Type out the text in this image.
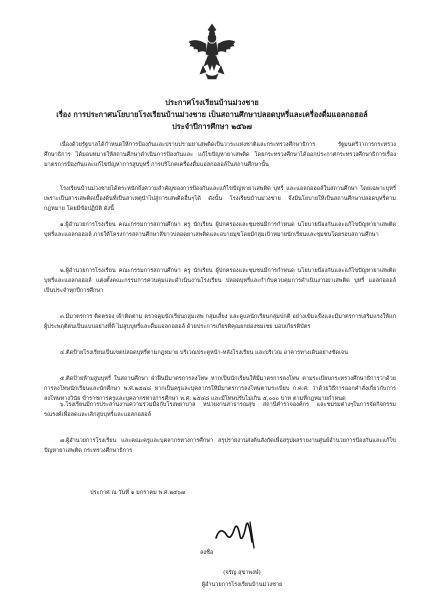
ประกาศโรงเรียนบ้านม่วงชาย
เรื่อง การประกาศนโยบายโรงเรียนบ้านม่วงชาย เป็นสถานศึกษาปลอดบุหรี่และเครื่องดื่มแอลกอฮอล์
ประจำปีการศึกษา ๒๕๖๗
เนื่องด้วยรัฐบาลได้กำหนดให้การป้องกันและปราบปรามยาเสพติดเป็นวาระแห่งชาติและกระทรวงศึกษาธิการ รัฐมนตรีว่าการกระทรวงศึกษาธิการ ได้มอบหมายให้สถานศึกษาดำเนินการป้องกันและ แก้ไขปัญหายาเสพติด โดยกระทรวงศึกษาได้ออกประกาศกระทรวงศึกษาธิการเรื่องมาตรการป้องกันและแก้ไขปัญหาการสูบบุหรี่ การบริโภคเครื่องดื่มแอลกอฮอล์ในสถานศึกษานั้น
โรงเรียนบ้านม่วงชายได้ตระหนักถึงความสำคัญของการป้องกันและแก้ไขปัญหายาเสพติด บุหรี่ และแอลกอฮอล์ในสถานศึกษา โดยเฉพาะบุหรี่ เพราะเป็นสารเสพติดเบื้องต้นที่เป็นสาเหตุนำไปสู่การเสพติดอื่นๆได้ ดังนั้น โรงเรียนบ้านม่วงชาย จึงมีนโยบายให้เป็นสถานศึกษาปลอดบุหรี่ตามกฎหมาย โดยมีข้อปฏิบัติ ดังนี้
๑.ผู้อำนวยการโรงเรียน คณะกรรมการสถานศึกษา ครู นักเรียน ผู้ปกครองและชุมชนมีการกำหนด นโยบายป้องกันและแก้ไขปัญหายาเสพติด บุหรี่และแอลกอฮอล์ ภายใต้โครงการสถานศึกษาสีขาวปลอดยาเสพติดและอบายมุขโดยมีกลุ่มเป้าหมายนักเรียนและชุมชนโดยรอบสถานศึกษา
๒.ผู้อำนวยการโรงเรียน คณะกรรมการสถานศึกษา ครู นักเรียน ผู้ปกครองและชุมชนมีการกำหนด นโยบายป้องกันและแก้ไขปัญหายาเสพติด บุหรี่และแอลกอฮอล์ แต่งตั้งคณะกรรมการควบคุมและดำเนินงานโรงเรียน ปลอดบุหรี่และกำกับควบคุมการดำเนินงานยาเสพติด บุหรี่ แอลกอฮอล์ เป็นประจำทุกปีการศึกษา
๓.มีมาตรการ ติดตรอง เฝ้าติดตาม ตรวจคุมนักเรียนกลุ่มเสพ กลุ่มเสี่ยง และดูแลนักเรียนกลุ่มปกติ อย่างเข้มแข็งและมีมาตรการเสริมแรงให้แก่ผู้ประพฤติตนเป็นแบบอย่างที่ดี ไม่สูบบุหรี่และดื่มแอลกอฮอล์ ด้วยประการเกียรติคุณยกย่องชมเชย มอบเกียรติบัตร
๔.ติดป้ายโรงเรียนเป็นเขตปลอดบุหรี่ตามกฎหมาย บริเวณประตูหน้า-หลังโรงเรียน และบริเวณ อาคารทางเดินอย่างชัดเจน
๕.ติดป้ายห้ามสูบบุหรี่ ในสถานศึกษา ฝ่าฝืนมีมาตรการลงโทษ หากเป็นนักเรียนให้มีมาตรการลงโทษ ตามระเบียบกระทรวงศึกษาธิการว่าด้วยการลงโทษนักเรียนและนักศึกษา พ.ศ.๒๕๔๘ หากเป็นครูและบุคลากรให้มีมาตรการลงโทษตามระเบียบ ก.ค.ศ. ว่าด้วยวิธีการออกคำสั่งเกี่ยวกับการลงโทษทางวินัย ข้าราชการครูและบุคลากรทางการศึกษา พ.ศ. ๒๕๔๘ และมีโทษปรับไม่เกิน ๕,๐๐๐ บาท ตามที่กฎหมายกำหนด
๖.โรงเรียนมีการประสานงานความร่วมมือกับโรงพยาบาล หน่วยงานสาธารณสุข สถานีตำรวจองค์กร และชมรมต่างๆในการจัดกิจกรรมรณรงค์เพื่อลดและเลิกสูบบุหรี่และแอลกอฮอล์
๗.ผู้อำนวยการโรงเรียน และคณะครูและบุคลากรทางการศึกษา สรุปรายงานส่งต้นสังกัดเพื่อสรุปผลรายงานศูนย์อำนวยการป้องกันและแก้ไขปัญหายาเสพติด กระทรวงศึกษาธิการ
ประกาศ ณ วันที่ ๑ มกราคม พ.ศ.๒๕๖๗
ลงชื่อ
(จรัญ สุขาพงษ์)
ผู้อำนวยการโรงเรียนบ้านม่วงชาย
